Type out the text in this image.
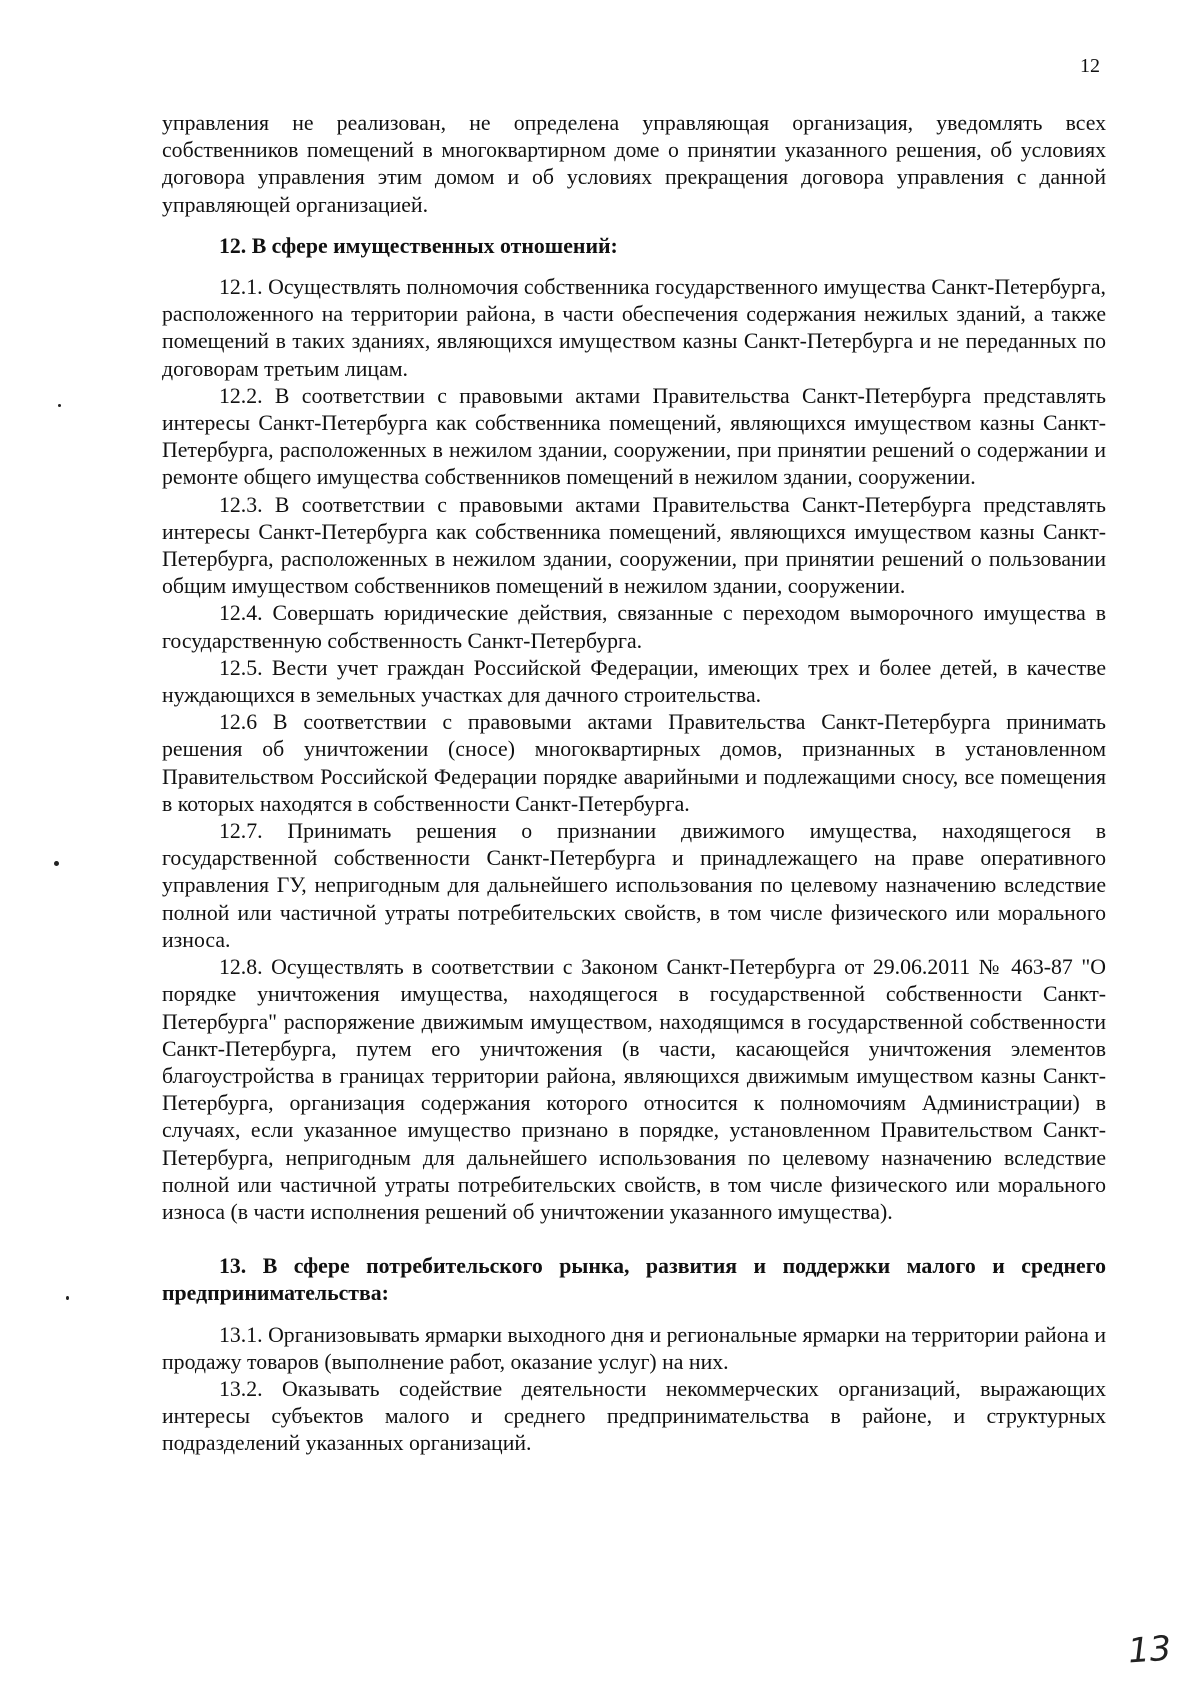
12

управления не реализован, не определена управляющая организация, уведомлять всех собственников помещений в многоквартирном доме о принятии указанного решения, об условиях договора управления этим домом и об условиях прекращения договора управления с данной управляющей организацией.

12. В сфере имущественных отношений:

12.1. Осуществлять полномочия собственника государственного имущества Санкт-Петербурга, расположенного на территории района, в части обеспечения содержания нежилых зданий, а также помещений в таких зданиях, являющихся имуществом казны Санкт-Петербурга и не переданных по договорам третьим лицам.

12.2. В соответствии с правовыми актами Правительства Санкт-Петербурга представлять интересы Санкт-Петербурга как собственника помещений, являющихся имуществом казны Санкт-Петербурга, расположенных в нежилом здании, сооружении, при принятии решений о содержании и ремонте общего имущества собственников помещений в нежилом здании, сооружении.

12.3. В соответствии с правовыми актами Правительства Санкт-Петербурга представлять интересы Санкт-Петербурга как собственника помещений, являющихся имуществом казны Санкт-Петербурга, расположенных в нежилом здании, сооружении, при принятии решений о пользовании общим имуществом собственников помещений в нежилом здании, сооружении.

12.4. Совершать юридические действия, связанные с переходом выморочного имущества в государственную собственность Санкт-Петербурга.

12.5. Вести учет граждан Российской Федерации, имеющих трех и более детей, в качестве нуждающихся в земельных участках для дачного строительства.

12.6 В соответствии с правовыми актами Правительства Санкт-Петербурга принимать решения об уничтожении (сносе) многоквартирных домов, признанных в установленном Правительством Российской Федерации порядке аварийными и подлежащими сносу, все помещения в которых находятся в собственности Санкт-Петербурга.

12.7. Принимать решения о признании движимого имущества, находящегося в государственной собственности Санкт-Петербурга и принадлежащего на праве оперативного управления ГУ, непригодным для дальнейшего использования по целевому назначению вследствие полной или частичной утраты потребительских свойств, в том числе физического или морального износа.

12.8. Осуществлять в соответствии с Законом Санкт-Петербурга от 29.06.2011 № 463-87 "О порядке уничтожения имущества, находящегося в государственной собственности Санкт-Петербурга" распоряжение движимым имуществом, находящимся в государственной собственности Санкт-Петербурга, путем его уничтожения (в части, касающейся уничтожения элементов благоустройства в границах территории района, являющихся движимым имуществом казны Санкт-Петербурга, организация содержания которого относится к полномочиям Администрации) в случаях, если указанное имущество признано в порядке, установленном Правительством Санкт-Петербурга, непригодным для дальнейшего использования по целевому назначению вследствие полной или частичной утраты потребительских свойств, в том числе физического или морального износа (в части исполнения решений об уничтожении указанного имущества).

13. В сфере потребительского рынка, развития и поддержки малого и среднего предпринимательства:

13.1. Организовывать ярмарки выходного дня и региональные ярмарки на территории района и продажу товаров (выполнение работ, оказание услуг) на них.

13.2. Оказывать содействие деятельности некоммерческих организаций, выражающих интересы субъектов малого и среднего предпринимательства в районе, и структурных подразделений указанных организаций.

13
